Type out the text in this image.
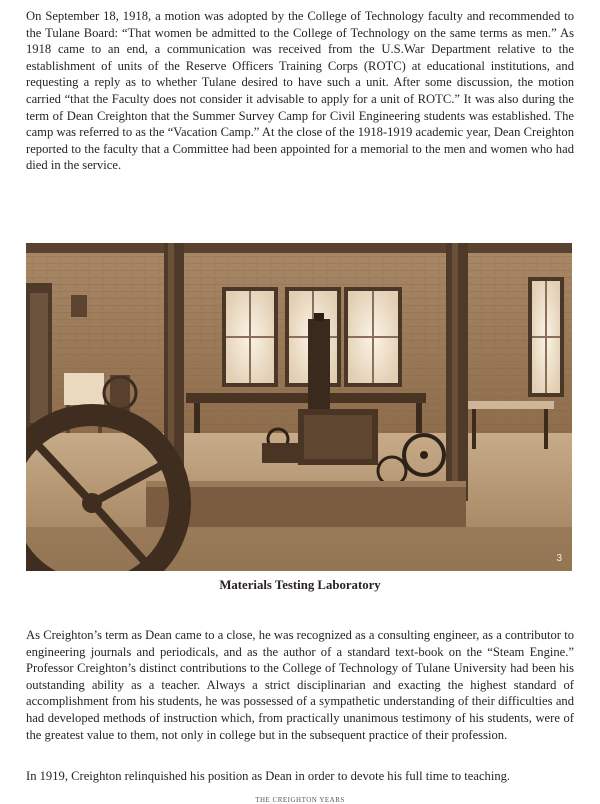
On September 18, 1918, a motion was adopted by the College of Technology faculty and recommended to the Tulane Board: “That women be admitted to the College of Technology on the same terms as men.” As 1918 came to an end, a communication was received from the U.S.War Department relative to the establishment of units of the Reserve Officers Training Corps (ROTC) at educational institutions, and requesting a reply as to whether Tulane desired to have such a unit. After some discussion, the motion carried “that the Faculty does not consider it advisable to apply for a unit of ROTC.” It was also during the term of Dean Creighton that the Summer Survey Camp for Civil Engineering students was established. The camp was referred to as the “Vacation Camp.” At the close of the 1918-1919 academic year, Dean Creighton reported to the faculty that a Committee had been appointed for a memorial to the men and women who had died in the service.

3
Materials Testing Laboratory

As Creighton’s term as Dean came to a close, he was recognized as a consulting engineer, as a contributor to engineering journals and periodicals, and as the author of a standard text-book on the “Steam Engine.” Professor Creighton’s distinct contributions to the College of Technology of Tulane University had been his outstanding ability as a teacher. Always a strict disciplinarian and exacting the highest standard of accomplishment from his students, he was possessed of a sympathetic understanding of their difficulties and had developed methods of instruction which, from practically unanimous testimony of his students, were of the greatest value to them, not only in college but in the subsequent practice of their profession.

In 1919, Creighton relinquished his position as Dean in order to devote his full time to teaching.

THE CREIGHTON YEARS
